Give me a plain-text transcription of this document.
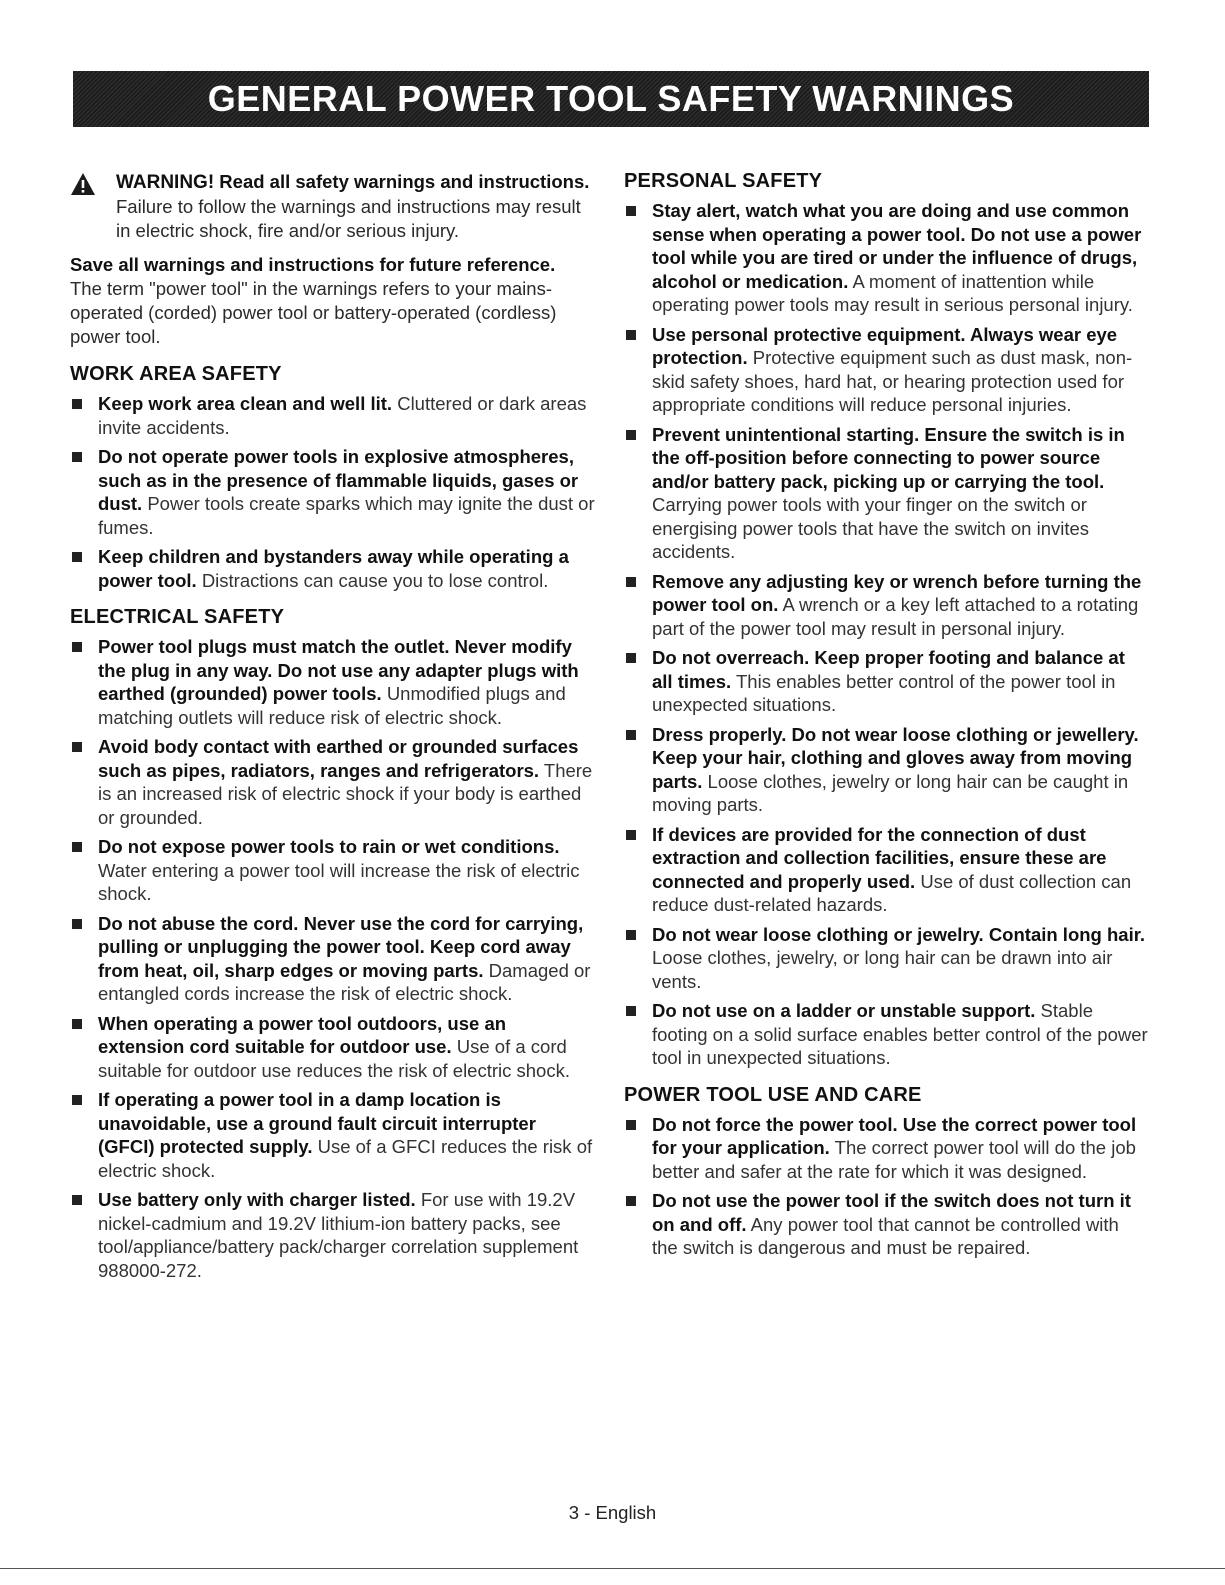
GENERAL POWER TOOL SAFETY WARNINGS
WARNING! Read all safety warnings and instructions. Failure to follow the warnings and instructions may result in electric shock, fire and/or serious injury.
Save all warnings and instructions for future reference.
The term "power tool" in the warnings refers to your mains-operated (corded) power tool or battery-operated (cordless) power tool.
WORK AREA SAFETY
Keep work area clean and well lit. Cluttered or dark areas invite accidents.
Do not operate power tools in explosive atmospheres, such as in the presence of flammable liquids, gases or dust. Power tools create sparks which may ignite the dust or fumes.
Keep children and bystanders away while operating a power tool. Distractions can cause you to lose control.
ELECTRICAL SAFETY
Power tool plugs must match the outlet. Never modify the plug in any way. Do not use any adapter plugs with earthed (grounded) power tools. Unmodified plugs and matching outlets will reduce risk of electric shock.
Avoid body contact with earthed or grounded surfaces such as pipes, radiators, ranges and refrigerators. There is an increased risk of electric shock if your body is earthed or grounded.
Do not expose power tools to rain or wet conditions. Water entering a power tool will increase the risk of electric shock.
Do not abuse the cord. Never use the cord for carrying, pulling or unplugging the power tool. Keep cord away from heat, oil, sharp edges or moving parts. Damaged or entangled cords increase the risk of electric shock.
When operating a power tool outdoors, use an extension cord suitable for outdoor use. Use of a cord suitable for outdoor use reduces the risk of electric shock.
If operating a power tool in a damp location is unavoidable, use a ground fault circuit interrupter (GFCI) protected supply. Use of a GFCI reduces the risk of electric shock.
Use battery only with charger listed. For use with 19.2V nickel-cadmium and 19.2V lithium-ion battery packs, see tool/appliance/battery pack/charger correlation supplement 988000-272.
PERSONAL SAFETY
Stay alert, watch what you are doing and use common sense when operating a power tool. Do not use a power tool while you are tired or under the influence of drugs, alcohol or medication. A moment of inattention while operating power tools may result in serious personal injury.
Use personal protective equipment. Always wear eye protection. Protective equipment such as dust mask, non-skid safety shoes, hard hat, or hearing protection used for appropriate conditions will reduce personal injuries.
Prevent unintentional starting. Ensure the switch is in the off-position before connecting to power source and/or battery pack, picking up or carrying the tool. Carrying power tools with your finger on the switch or energising power tools that have the switch on invites accidents.
Remove any adjusting key or wrench before turning the power tool on. A wrench or a key left attached to a rotating part of the power tool may result in personal injury.
Do not overreach. Keep proper footing and balance at all times. This enables better control of the power tool in unexpected situations.
Dress properly. Do not wear loose clothing or jewellery. Keep your hair, clothing and gloves away from moving parts. Loose clothes, jewelry or long hair can be caught in moving parts.
If devices are provided for the connection of dust extraction and collection facilities, ensure these are connected and properly used. Use of dust collection can reduce dust-related hazards.
Do not wear loose clothing or jewelry. Contain long hair. Loose clothes, jewelry, or long hair can be drawn into air vents.
Do not use on a ladder or unstable support. Stable footing on a solid surface enables better control of the power tool in unexpected situations.
POWER TOOL USE AND CARE
Do not force the power tool. Use the correct power tool for your application. The correct power tool will do the job better and safer at the rate for which it was designed.
Do not use the power tool if the switch does not turn it on and off. Any power tool that cannot be controlled with the switch is dangerous and must be repaired.
3 - English
